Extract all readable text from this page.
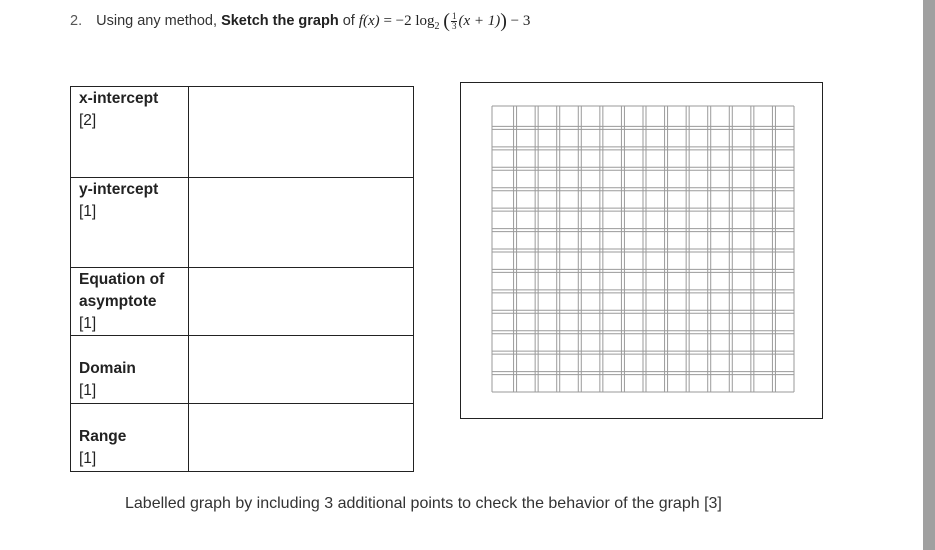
2. Using any method, Sketch the graph of f(x) = −2 $\log_2$ ( $\frac{1}{3} (x + 1)) - 3$
x-intercept
[2]	
y-intercept
[1]	
Equation of asymptote
[1]	
Domain
[1]	
Range
[1]	
Labelled graph by including 3 additional points to check the behavior of the graph [3]
